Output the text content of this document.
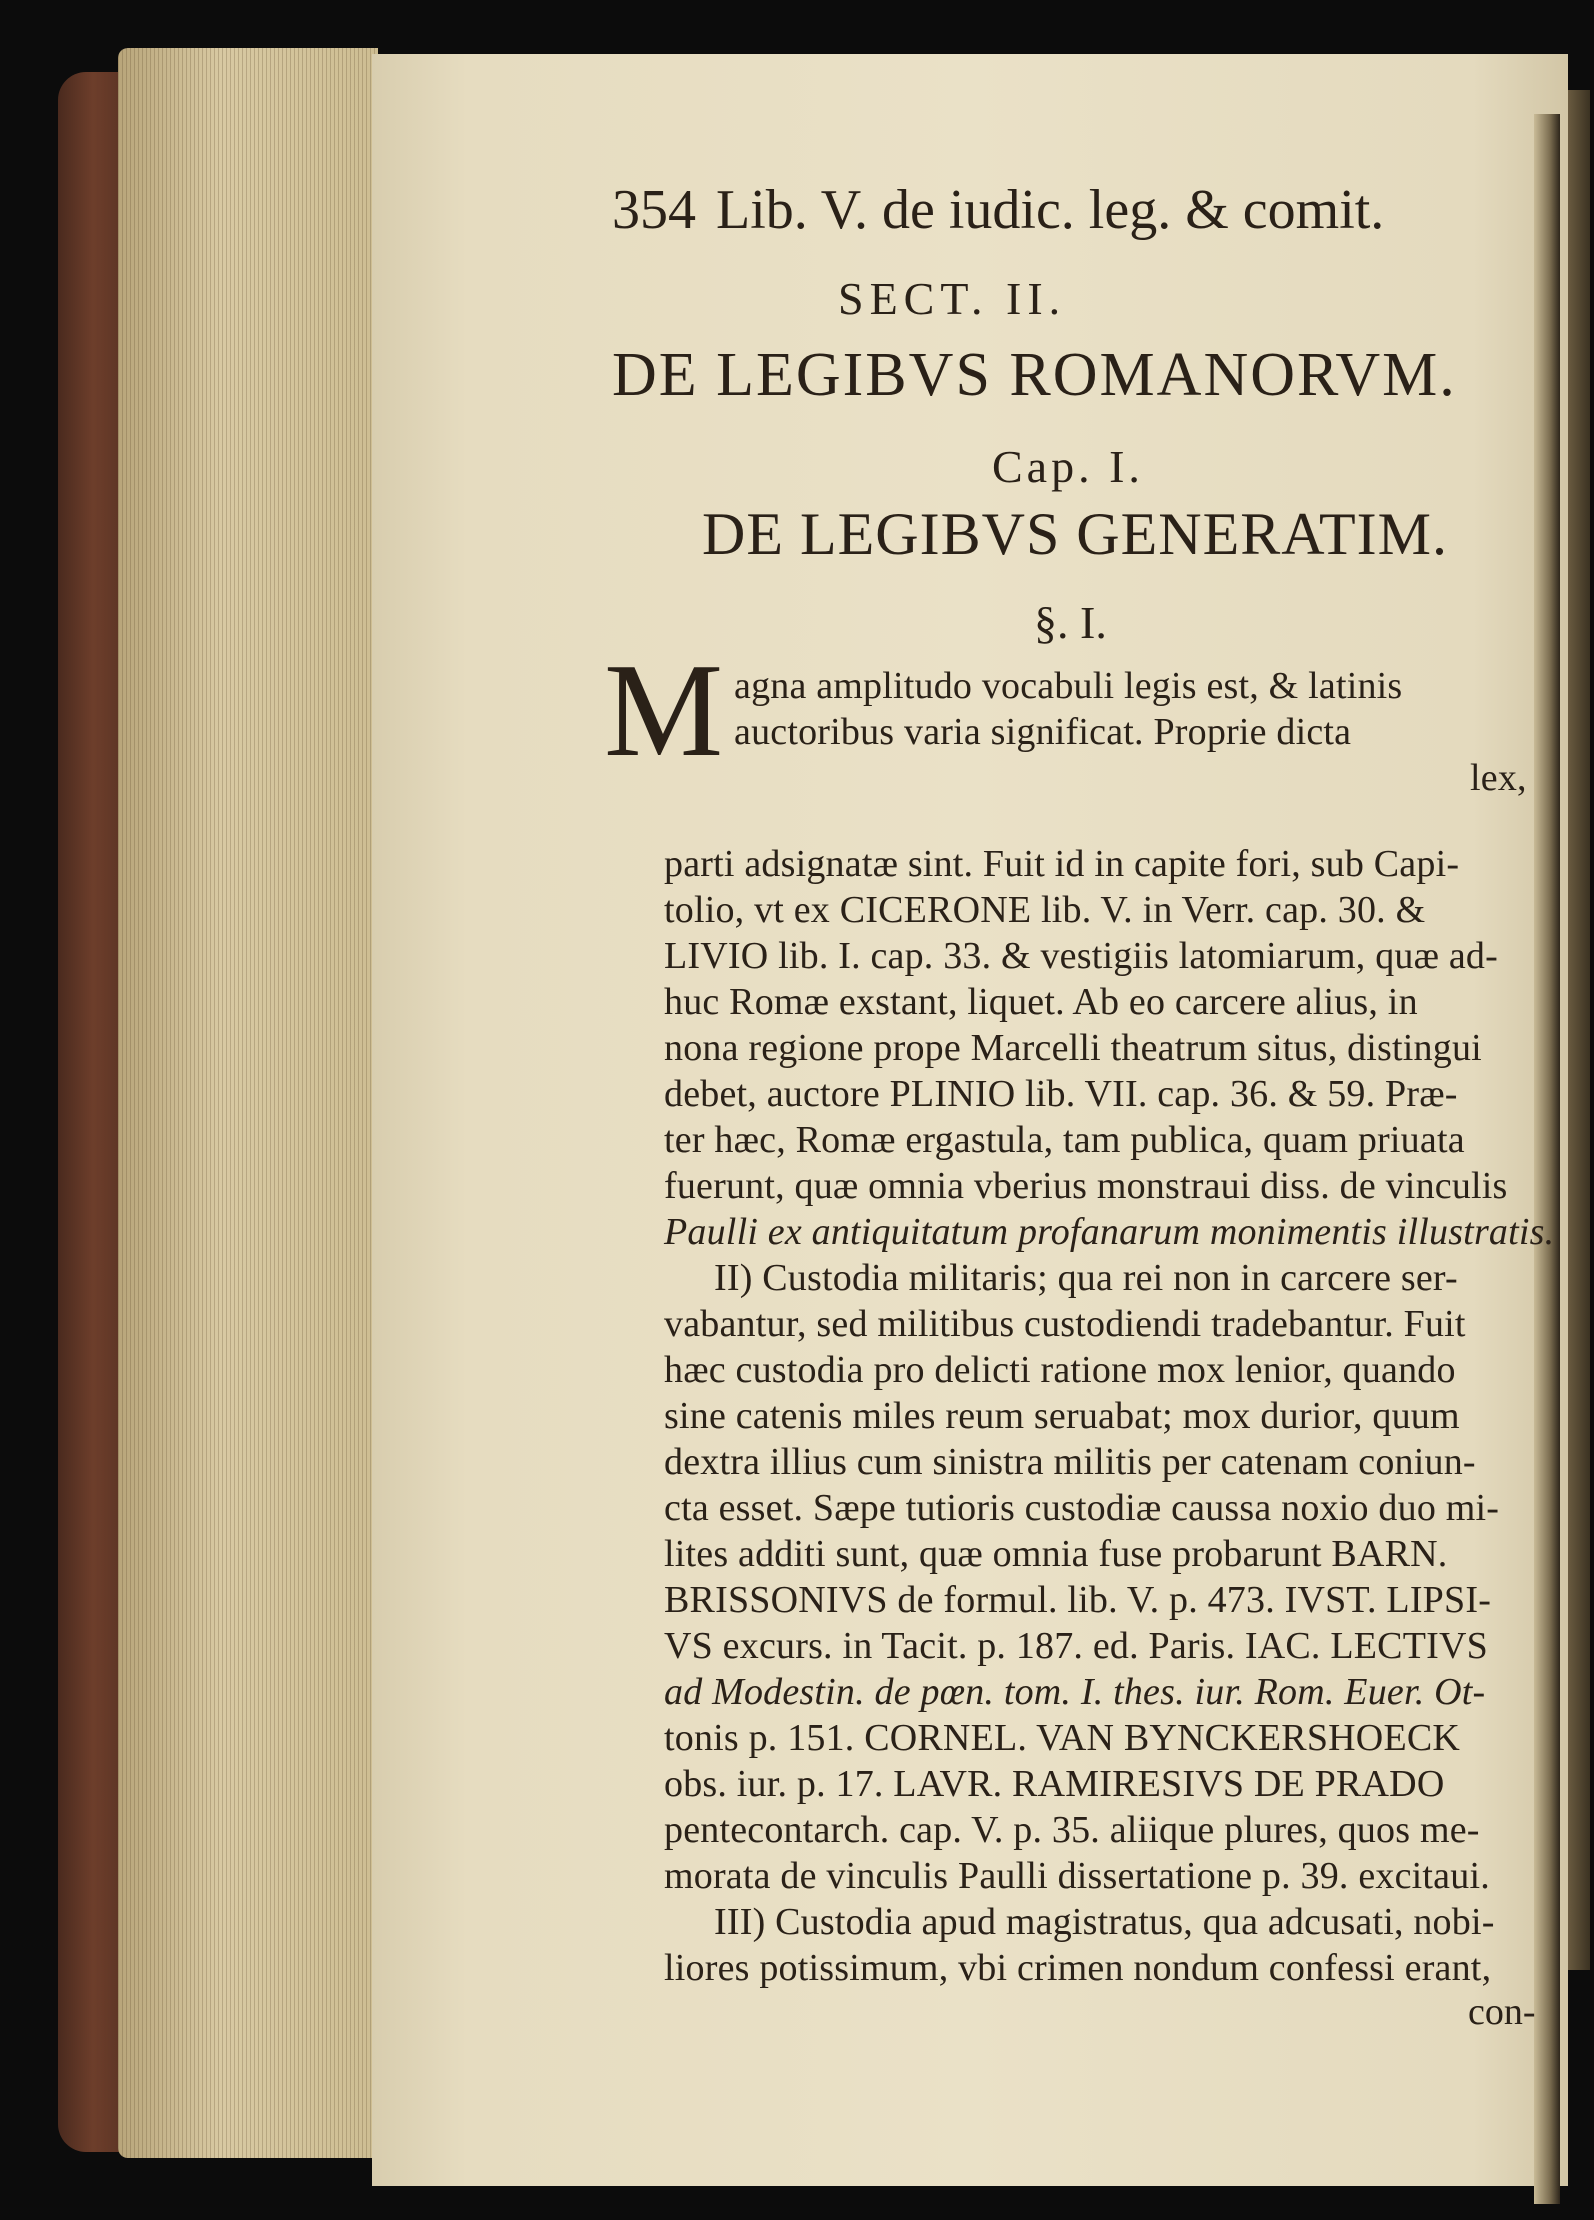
354 Lib. V. de iudic. leg. & comit.
SECT. II.
DE LEGIBVS ROMANORVM.
Cap. I.
DE LEGIBVS GENERATIM.
§. I.
M agna amplitudo vocabuli legis est, & latinis
auctoribus varia significat. Proprie dicta
lex,
parti adsignatæ sint. Fuit id in capite fori, sub Capi-
tolio, vt ex CICERONE lib. V. in Verr. cap. 30. &
LIVIO lib. I. cap. 33. & vestigiis latomiarum, quæ ad-
huc Romæ exstant, liquet. Ab eo carcere alius, in
nona regione prope Marcelli theatrum situs, distingui
debet, auctore PLINIO lib. VII. cap. 36. & 59. Præ-
ter hæc, Romæ ergastula, tam publica, quam priuata
fuerunt, quæ omnia vberius monstraui diss. de vinculis
Paulli ex antiquitatum profanarum monimentis illustratis.
II) Custodia militaris; qua rei non in carcere ser-
vabantur, sed militibus custodiendi tradebantur. Fuit
hæc custodia pro delicti ratione mox lenior, quando
sine catenis miles reum seruabat; mox durior, quum
dextra illius cum sinistra militis per catenam coniun-
cta esset. Sæpe tutioris custodiæ caussa noxio duo mi-
lites additi sunt, quæ omnia fuse probarunt BARN.
BRISSONIVS de formul. lib. V. p. 473. IVST. LIPSI-
VS excurs. in Tacit. p. 187. ed. Paris. IAC. LECTIVS
ad Modestin. de pœn. tom. I. thes. iur. Rom. Euer. Ot-
tonis p. 151. CORNEL. VAN BYNCKERSHOECK
obs. iur. p. 17. LAVR. RAMIRESIVS DE PRADO
pentecontarch. cap. V. p. 35. aliique plures, quos me-
morata de vinculis Paulli dissertatione p. 39. excitaui.
III) Custodia apud magistratus, qua adcusati, nobi-
liores potissimum, vbi crimen nondum confessi erant,
con-
